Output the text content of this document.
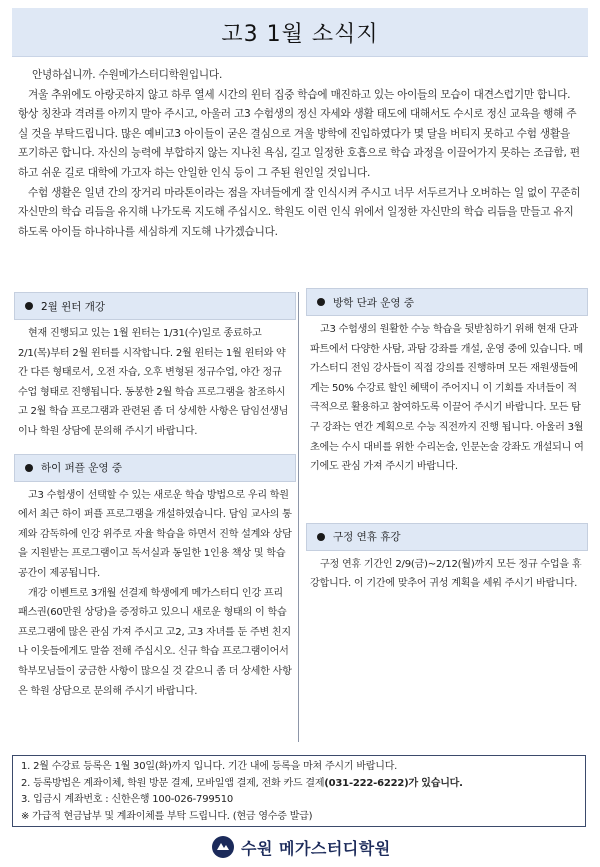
고3 1월 소식지

안녕하십니까. 수원메가스터디학원입니다.

겨울 추위에도 아랑곳하지 않고 하루 열세 시간의 윈터 집중 학습에 매진하고 있는 아이들의 모습이 대견스럽기만 합니다. 항상 칭찬과 격려를 아끼지 말아 주시고, 아울러 고3 수험생의 정신 자세와 생활 태도에 대해서도 수시로 정신 교육을 행해 주실 것을 부탁드립니다. 많은 예비고3 아이들이 굳은 결심으로 겨울 방학에 진입하였다가 몇 달을 버티지 못하고 수험 생활을 포기하곤 합니다. 자신의 능력에 부합하지 않는 지나친 욕심, 길고 일정한 호흡으로 학습 과정을 이끌어가지 못하는 조급함, 편하고 쉬운 길로 대학에 가고자 하는 안일한 인식 등이 그 주된 원인일 것입니다.

수험 생활은 일년 간의 장거리 마라톤이라는 점을 자녀들에게 잘 인식시켜 주시고 너무 서두르거나 오버하는 일 없이 꾸준히 자신만의 학습 리듬을 유지해 나가도록 지도해 주십시오. 학원도 이런 인식 위에서 일정한 자신만의 학습 리듬을 만들고 유지하도록 아이들 하나하나를 세심하게 지도해 나가겠습니다.

2월 윈터 개강

현재 진행되고 있는 1월 윈터는 1/31(수)일로 종료하고 2/1(목)부터 2월 윈터를 시작합니다. 2월 윈터는 1월 윈터와 약간 다른 형태로서, 오전 자습, 오후 변형된 정규수업, 야간 정규 수업 형태로 진행됩니다. 동봉한 2월 학습 프로그램을 참조하시고 2월 학습 프로그램과 관련된 좀 더 상세한 사항은 담임선생님이나 학원 상담에 문의해 주시기 바랍니다.

하이 퍼플 운영 중

고3 수험생이 선택할 수 있는 새로운 학습 방법으로 우리 학원에서 최근 하이 퍼플 프로그램을 개설하였습니다. 담임 교사의 통제와 감독하에 인강 위주로 자율 학습을 하면서 진학 설계와 상담을 지원받는 프로그램이고 독서실과 동일한 1인용 책상 및 학습 공간이 제공됩니다.

개강 이벤트로 3개월 선결제 학생에게 메가스터디 인강 프리패스권(60만원 상당)을 증정하고 있으니 새로운 형태의 이 학습 프로그램에 많은 관심 가져 주시고 고2, 고3 자녀를 둔 주변 친지나 이웃들에게도 말씀 전해 주십시오. 신규 학습 프로그램이어서 학부모님들이 궁금한 사항이 많으실 것 같으니 좀 더 상세한 사항은 학원 상담으로 문의해 주시기 바랍니다.

방학 단과 운영 중

고3 수험생의 원활한 수능 학습을 뒷받침하기 위해 현재 단과 파트에서 다양한 사탐, 과탐 강좌를 개설, 운영 중에 있습니다. 메가스터디 전임 강사들이 직접 강의를 진행하며 모든 재원생들에게는 50% 수강료 할인 혜택이 주어지니 이 기회를 자녀들이 적극적으로 활용하고 참여하도록 이끌어 주시기 바랍니다. 모든 탐구 강좌는 연간 계획으로 수능 직전까지 진행 됩니다. 아울러 3월 초에는 수시 대비를 위한 수리논술, 인문논술 강좌도 개설되니 여기에도 관심 가져 주시기 바랍니다.

구정 연휴 휴강

구정 연휴 기간인 2/9(금)~2/12(월)까지 모든 정규 수업을 휴강합니다. 이 기간에 맞추어 귀성 계획을 세워 주시기 바랍니다.

1. 2월 수강료 등록은 1월 30일(화)까지 입니다. 기간 내에 등록을 마쳐 주시기 바랍니다.
2. 등록방법은 계좌이체, 학원 방문 결제, 모바일앱 결제, 전화 카드 결제(031-222-6222)가 있습니다.
3. 입금시 계좌번호 : 신한은행 100-026-799510
※ 가급적 현금납부 및 계좌이체를 부탁 드립니다. (현금 영수증 발급)
수원 메가스터디학원
